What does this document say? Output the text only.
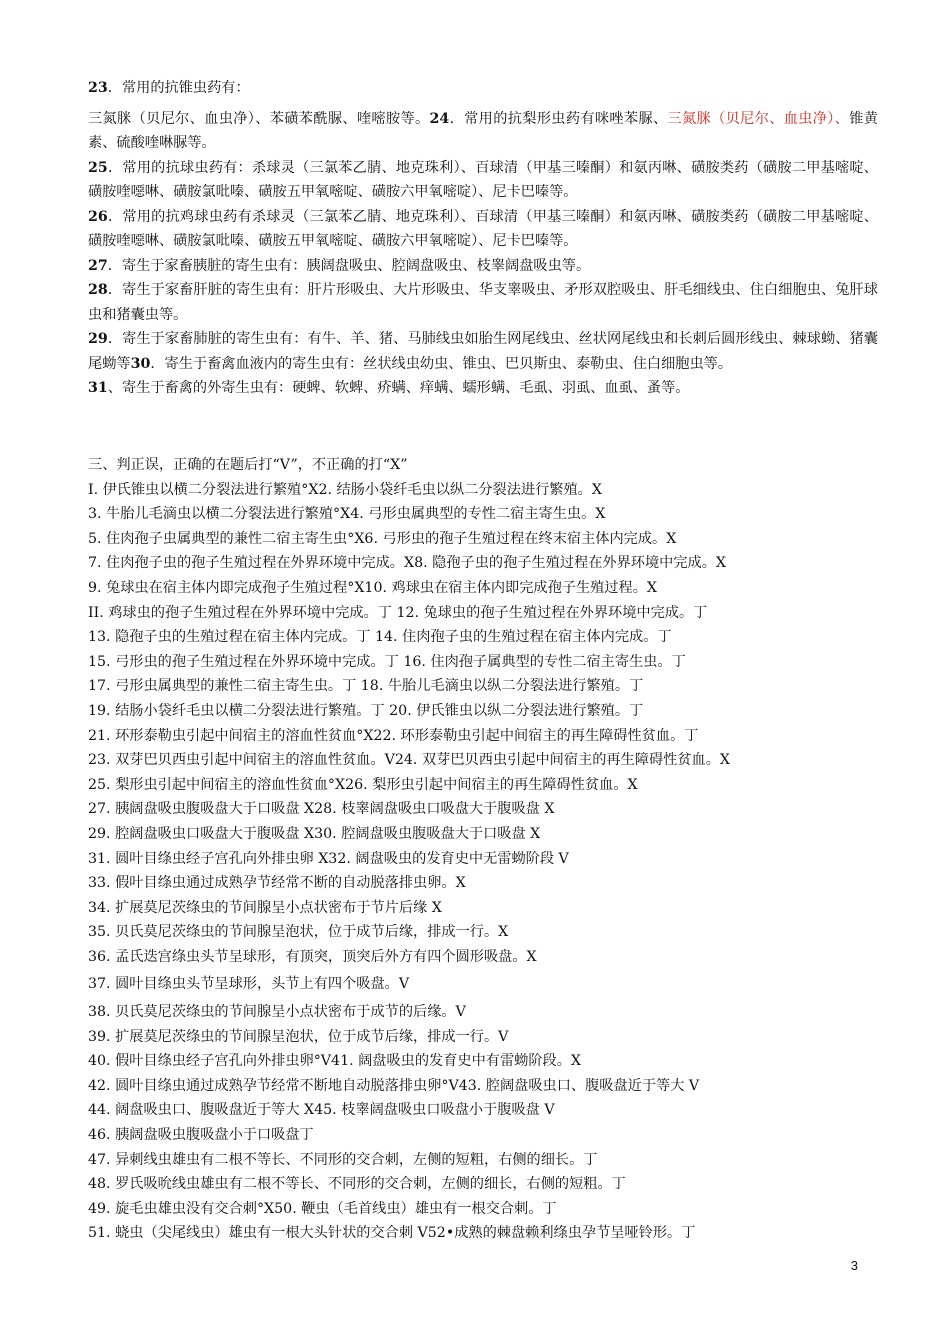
23．常用的抗锥虫药有：

三氮脒（贝尼尔、血虫净）、苯磺苯酰脲、喹嘧胺等。24．常用的抗梨形虫药有咪唑苯脲、三氮脒（贝尼尔、血虫净）、锥黄素、硫酸喹啉脲等。

25．常用的抗球虫药有：杀球灵（三氯苯乙腈、地克珠利）、百球清（甲基三嗪酮）和氨丙啉、磺胺类药（磺胺二甲基嘧啶、磺胺喹噁啉、磺胺氯吡嗪、磺胺五甲氧嘧啶、磺胺六甲氧嘧啶）、尼卡巴嗪等。

26．常用的抗鸡球虫药有杀球灵（三氯苯乙腈、地克珠利）、百球清（甲基三嗪酮）和氨丙啉、磺胺类药（磺胺二甲基嘧啶、磺胺喹噁啉、磺胺氯吡嗪、磺胺五甲氧嘧啶、磺胺六甲氧嘧啶）、尼卡巴嗪等。

27．寄生于家畜胰脏的寄生虫有：胰阔盘吸虫、腔阔盘吸虫、枝睾阔盘吸虫等。

28．寄生于家畜肝脏的寄生虫有：肝片形吸虫、大片形吸虫、华支睾吸虫、矛形双腔吸虫、肝毛细线虫、住白细胞虫、兔肝球虫和猪囊虫等。

29．寄生于家畜肺脏的寄生虫有：有牛、羊、猪、马肺线虫如胎生网尾线虫、丝状网尾线虫和长刺后圆形线虫、棘球蚴、猪囊尾蚴等30．寄生于畜禽血液内的寄生虫有：丝状线虫幼虫、锥虫、巴贝斯虫、泰勒虫、住白细胞虫等。

31、寄生于畜禽的外寄生虫有：硬蜱、软蜱、疥螨、痒螨、蠕形螨、毛虱、羽虱、血虱、蚤等。

三、判正误，正确的在题后打“V”，不正确的打“X”

I. 伊氏锥虫以横二分裂法进行繁殖°X2. 结肠小袋纤毛虫以纵二分裂法进行繁殖。X

3. 牛胎儿毛滴虫以横二分裂法进行繁殖°X4. 弓形虫属典型的专性二宿主寄生虫。X

5. 住肉孢子虫属典型的兼性二宿主寄生虫°X6. 弓形虫的孢子生殖过程在终末宿主体内完成。X

7. 住肉孢子虫的孢子生殖过程在外界环境中完成。X8. 隐孢子虫的孢子生殖过程在外界环境中完成。X

9. 兔球虫在宿主体内即完成孢子生殖过程°X10. 鸡球虫在宿主体内即完成孢子生殖过程。X

II. 鸡球虫的孢子生殖过程在外界环境中完成。丁 12. 兔球虫的孢子生殖过程在外界环境中完成。丁

13. 隐孢子虫的生殖过程在宿主体内完成。丁 14. 住肉孢子虫的生殖过程在宿主体内完成。丁

15. 弓形虫的孢子生殖过程在外界环境中完成。丁 16. 住肉孢子属典型的专性二宿主寄生虫。丁

17. 弓形虫属典型的兼性二宿主寄生虫。丁 18. 牛胎儿毛滴虫以纵二分裂法进行繁殖。丁

19. 结肠小袋纤毛虫以横二分裂法进行繁殖。丁 20. 伊氏锥虫以纵二分裂法进行繁殖。丁

21. 环形泰勒虫引起中间宿主的溶血性贫血°X22. 环形泰勒虫引起中间宿主的再生障碍性贫血。丁

23. 双芽巴贝西虫引起中间宿主的溶血性贫血。V24. 双芽巴贝西虫引起中间宿主的再生障碍性贫血。X

25. 梨形虫引起中间宿主的溶血性贫血°X26. 梨形虫引起中间宿主的再生障碍性贫血。X

27. 胰阔盘吸虫腹吸盘大于口吸盘 X28. 枝睾阔盘吸虫口吸盘大于腹吸盘 X

29. 腔阔盘吸虫口吸盘大于腹吸盘 X30. 腔阔盘吸虫腹吸盘大于口吸盘 X

31. 圆叶目绦虫经子宫孔向外排虫卵 X32. 阔盘吸虫的发育史中无雷蚴阶段 V

33. 假叶目绦虫通过成熟孕节经常不断的自动脱落排虫卵。X

34. 扩展莫尼茨绦虫的节间腺呈小点状密布于节片后缘 X

35. 贝氏莫尼茨绦虫的节间腺呈泡状，位于成节后缘，排成一行。X

36. 孟氏迭宫绦虫头节呈球形，有顶突，顶突后外方有四个圆形吸盘。X

37. 圆叶目绦虫头节呈球形，头节上有四个吸盘。V

38. 贝氏莫尼茨绦虫的节间腺呈小点状密布于成节的后缘。V

39. 扩展莫尼茨绦虫的节间腺呈泡状，位于成节后缘，排成一行。V

40. 假叶目绦虫经子宫孔向外排虫卵°V41. 阔盘吸虫的发育史中有雷蚴阶段。X

42. 圆叶目绦虫通过成熟孕节经常不断地自动脱落排虫卵°V43. 腔阔盘吸虫口、腹吸盘近于等大 V

44. 阔盘吸虫口、腹吸盘近于等大 X45. 枝睾阔盘吸虫口吸盘小于腹吸盘 V

46. 胰阔盘吸虫腹吸盘小于口吸盘丁

47. 异刺线虫雄虫有二根不等长、不同形的交合刺，左侧的短粗，右侧的细长。丁

48. 罗氏吸吮线虫雄虫有二根不等长、不同形的交合刺，左侧的细长，右侧的短粗。丁

49. 旋毛虫雄虫没有交合刺°X50. 鞭虫（毛首线虫）雄虫有一根交合刺。丁

51. 蛲虫（尖尾线虫）雄虫有一根大头针状的交合刺 V52•成熟的棘盘赖利绦虫孕节呈哑铃形。丁

3
